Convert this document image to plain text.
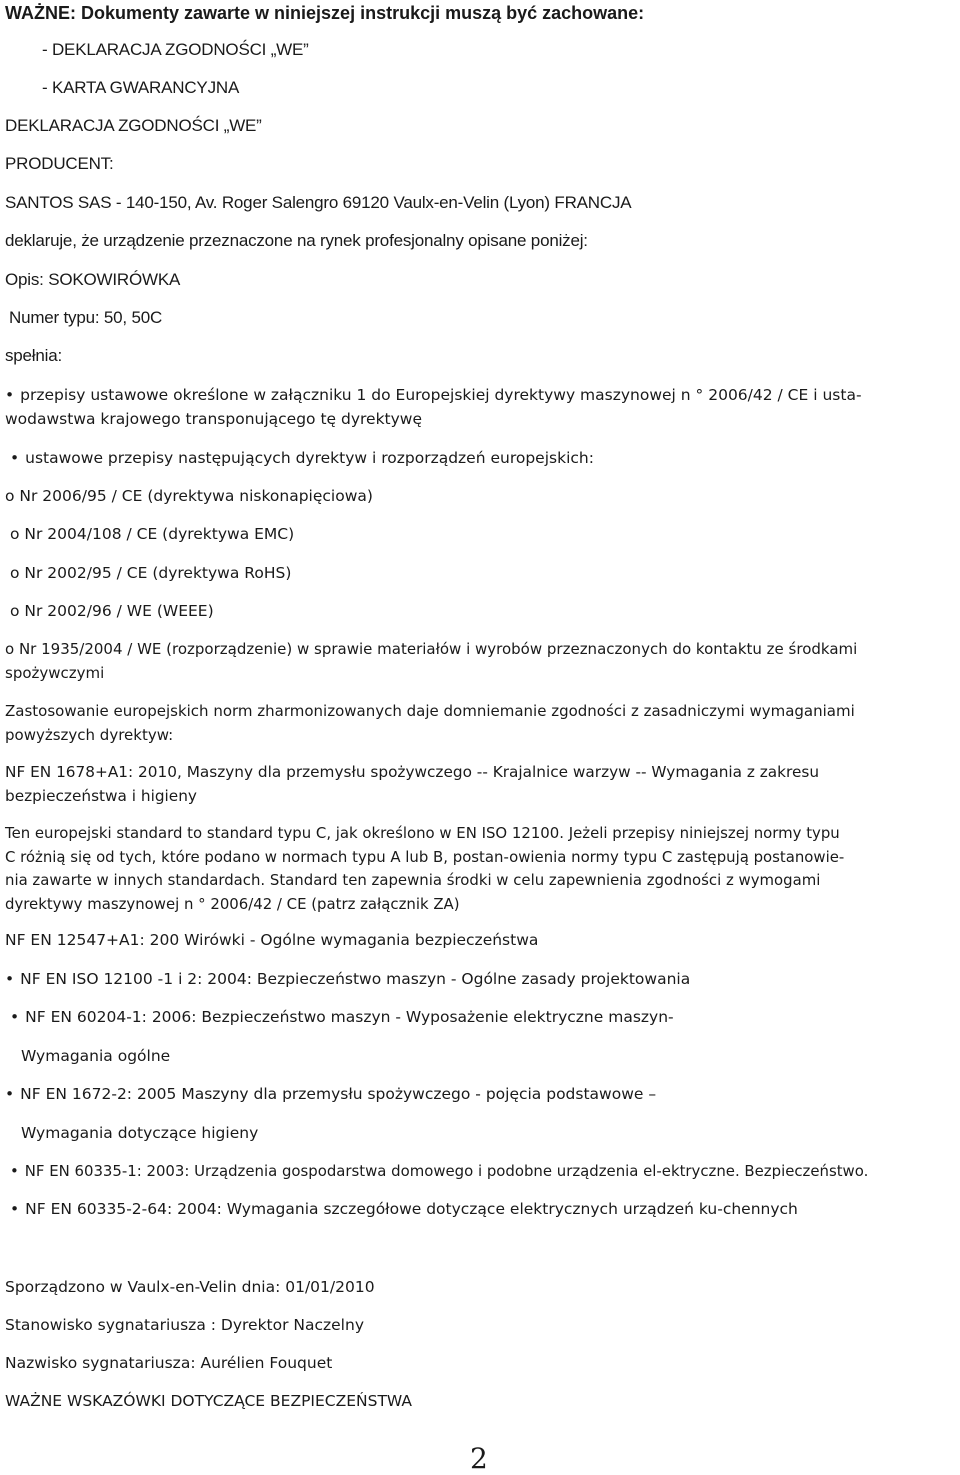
WAŻNE: Dokumenty zawarte w niniejszej instrukcji muszą być zachowane:

- DEKLARACJA ZGODNOŚCI „WE”

- KARTA GWARANCYJNA

DEKLARACJA ZGODNOŚCI „WE”

PRODUCENT:

SANTOS SAS - 140-150, Av. Roger Salengro 69120 Vaulx-en-Velin (Lyon) FRANCJA

deklaruje, że urządzenie przeznaczone na rynek profesjonalny opisane poniżej:

Opis: SOKOWIRÓWKA

Numer typu: 50, 50C

spełnia:

• przepisy ustawowe określone w załączniku 1 do Europejskiej dyrektywy maszynowej n ° 2006/42 / CE i usta-
wodawstwa krajowego transponującego tę dyrektywę

• ustawowe przepisy następujących dyrektyw i rozporządzeń europejskich:

o Nr 2006/95 / CE (dyrektywa niskonapięciowa)

o Nr 2004/108 / CE (dyrektywa EMC)

o Nr 2002/95 / CE (dyrektywa RoHS)

o Nr 2002/96 / WE (WEEE)

o Nr 1935/2004 / WE (rozporządzenie) w sprawie materiałów i wyrobów przeznaczonych do kontaktu ze środkami
spożywczymi
Zastosowanie europejskich norm zharmonizowanych daje domniemanie zgodności z zasadniczymi wymaganiami
powyższych dyrektyw:
NF EN 1678+A1: 2010, Maszyny dla przemysłu spożywczego -- Krajalnice warzyw -- Wymagania z zakresu
bezpieczeństwa i higieny
Ten europejski standard to standard typu C, jak określono w EN ISO 12100. Jeżeli przepisy niniejszej normy typu
C różnią się od tych, które podano w normach typu A lub B, postan-owienia normy typu C zastępują postanowie-
nia zawarte w innych standardach. Standard ten zapewnia środki w celu zapewnienia zgodności z wymogami
dyrektywy maszynowej n ° 2006/42 / CE (patrz załącznik ZA)

NF EN 12547+A1: 200 Wirówki - Ogólne wymagania bezpieczeństwa

• NF EN ISO 12100 -1 i 2: 2004: Bezpieczeństwo maszyn - Ogólne zasady projektowania

• NF EN 60204-1: 2006: Bezpieczeństwo maszyn - Wyposażenie elektryczne maszyn-

Wymagania ogólne

• NF EN 1672-2: 2005 Maszyny dla przemysłu spożywczego - pojęcia podstawowe –

Wymagania dotyczące higieny

• NF EN 60335-1: 2003: Urządzenia gospodarstwa domowego i podobne urządzenia el-ektryczne. Bezpieczeństwo.

• NF EN 60335-2-64: 2004: Wymagania szczegółowe dotyczące elektrycznych urządzeń ku-chennych

Sporządzono w Vaulx-en-Velin dnia: 01/01/2010

Stanowisko sygnatariusza : Dyrektor Naczelny

Nazwisko sygnatariusza: Aurélien Fouquet

WAŻNE WSKAZÓWKI DOTYCZĄCE BEZPIECZEŃSTWA

2
